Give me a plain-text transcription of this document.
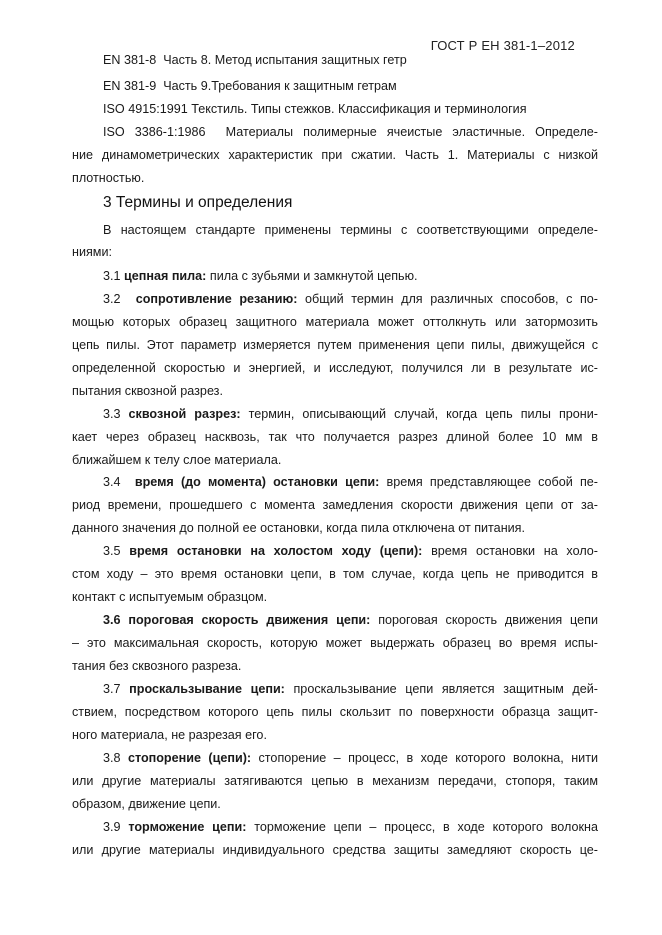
ГОСТ Р ЕН 381-1–2012
EN 381-8 Часть 8. Метод испытания защитных гетр
EN 381-9 Часть 9.Требования к защитным гетрам
ISO 4915:1991 Текстиль. Типы стежков. Классификация и терминология
ISO 3386-1:1986 Материалы полимерные ячеистые эластичные. Определе-
ние динамометрических характеристик при сжатии. Часть 1. Материалы с низкой
плотностью.
3 Термины и определения
В настоящем стандарте применены термины с соответствующими определе-
ниями:
3.1 цепная пила: пила с зубьями и замкнутой цепью.
3.2 сопротивление резанию: общий термин для различных способов, с по-
мощью которых образец защитного материала может оттолкнуть или затормозить
цепь пилы. Этот параметр измеряется путем применения цепи пилы, движущейся с
определенной скоростью и энергией, и исследуют, получился ли в результате ис-
пытания сквозной разрез.
3.3 сквозной разрез: термин, описывающий случай, когда цепь пилы прони-
кает через образец насквозь, так что получается разрез длиной более 10 мм в
ближайшем к телу слое материала.
3.4 время (до момента) остановки цепи: время представляющее собой пе-
риод времени, прошедшего с момента замедления скорости движения цепи от за-
данного значения до полной ее остановки, когда пила отключена от питания.
3.5 время остановки на холостом ходу (цепи): время остановки на холо-
стом ходу – это время остановки цепи, в том случае, когда цепь не приводится в
контакт с испытуемым образцом.
3.6 пороговая скорость движения цепи: пороговая скорость движения цепи
– это максимальная скорость, которую может выдержать образец во время испы-
тания без сквозного разреза.
3.7 проскальзывание цепи: проскальзывание цепи является защитным дей-
ствием, посредством которого цепь пилы скользит по поверхности образца защит-
ного материала, не разрезая его.
3.8 стопорение (цепи): стопорение – процесс, в ходе которого волокна, нити
или другие материалы затягиваются цепью в механизм передачи, стопоря, таким
образом, движение цепи.
3.9 торможение цепи: торможение цепи – процесс, в ходе которого волокна
или другие материалы индивидуального средства защиты замедляют скорость це-
